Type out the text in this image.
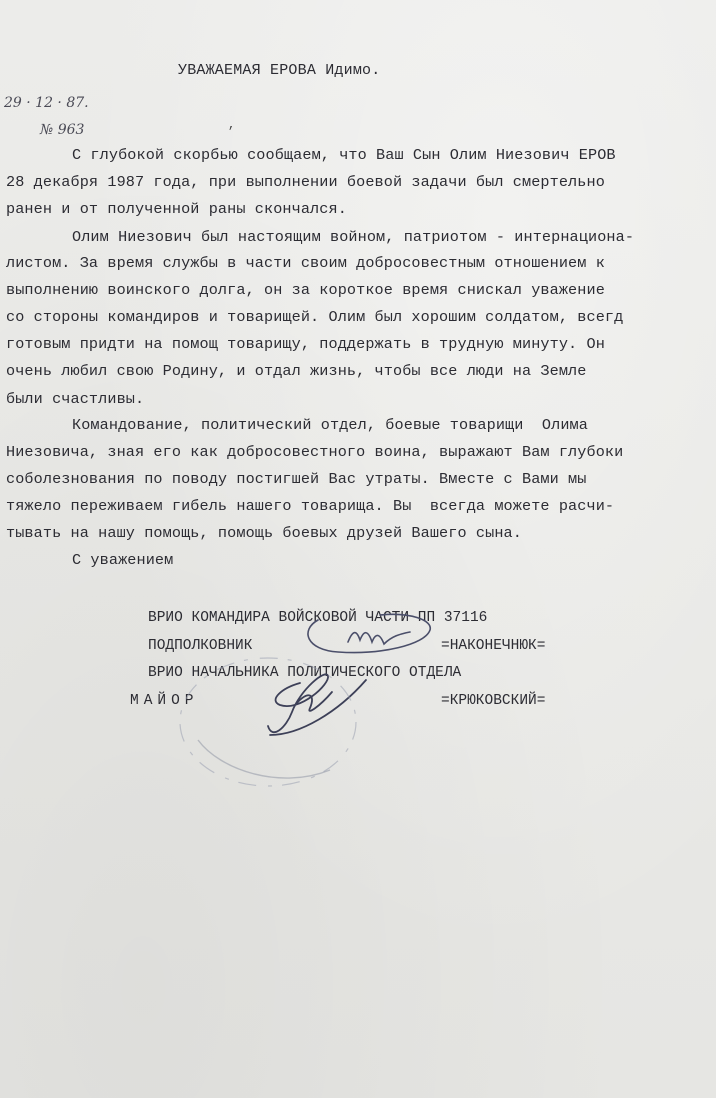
УВАЖАЕМАЯ ЕРОВА Идимо.
29 · 12 · 87.
№ 963	,
С глубокой скорбью сообщаем, что Ваш Сын Олим Ниезович ЕРОВ
28 декабря 1987 года, при выполнении боевой задачи был смертельно
ранен и от полученной раны скончался.
Олим Ниезович был настоящим войном, патриотом - интернациона-
листом. За время службы в части своим добросовестным отношением к
выполнению воинского долга, он за короткое время снискал уважение
со стороны командиров и товарищей. Олим был хорошим солдатом, всегд
готовым придти на помощ товарищу, поддержать в трудную минуту. Он
очень любил свою Родину, и отдал жизнь, чтобы все люди на Земле
были счастливы.
Командование, политический отдел, боевые товарищи  Олима
Ниезовича, зная его как добросовестного воина, выражают Вам глубоки
соболезнования по поводу постигшей Вас утраты. Вместе с Вами мы
тяжело переживаем гибель нашего товарища. Вы  всегда можете расчи-
тывать на нашу помощь, помощь боевых друзей Вашего сына.
С уважением
ВРИО КОМАНДИРА ВОЙСКОВОЙ ЧАСТИ ПП 37116
ПОДПОЛКОВНИК	=НАКОНЕЧНЮК=
ВРИО НАЧАЛЬНИКА ПОЛИТИЧЕСКОГО ОТДЕЛА
МАЙОР	=КРЮКОВСКИЙ=
